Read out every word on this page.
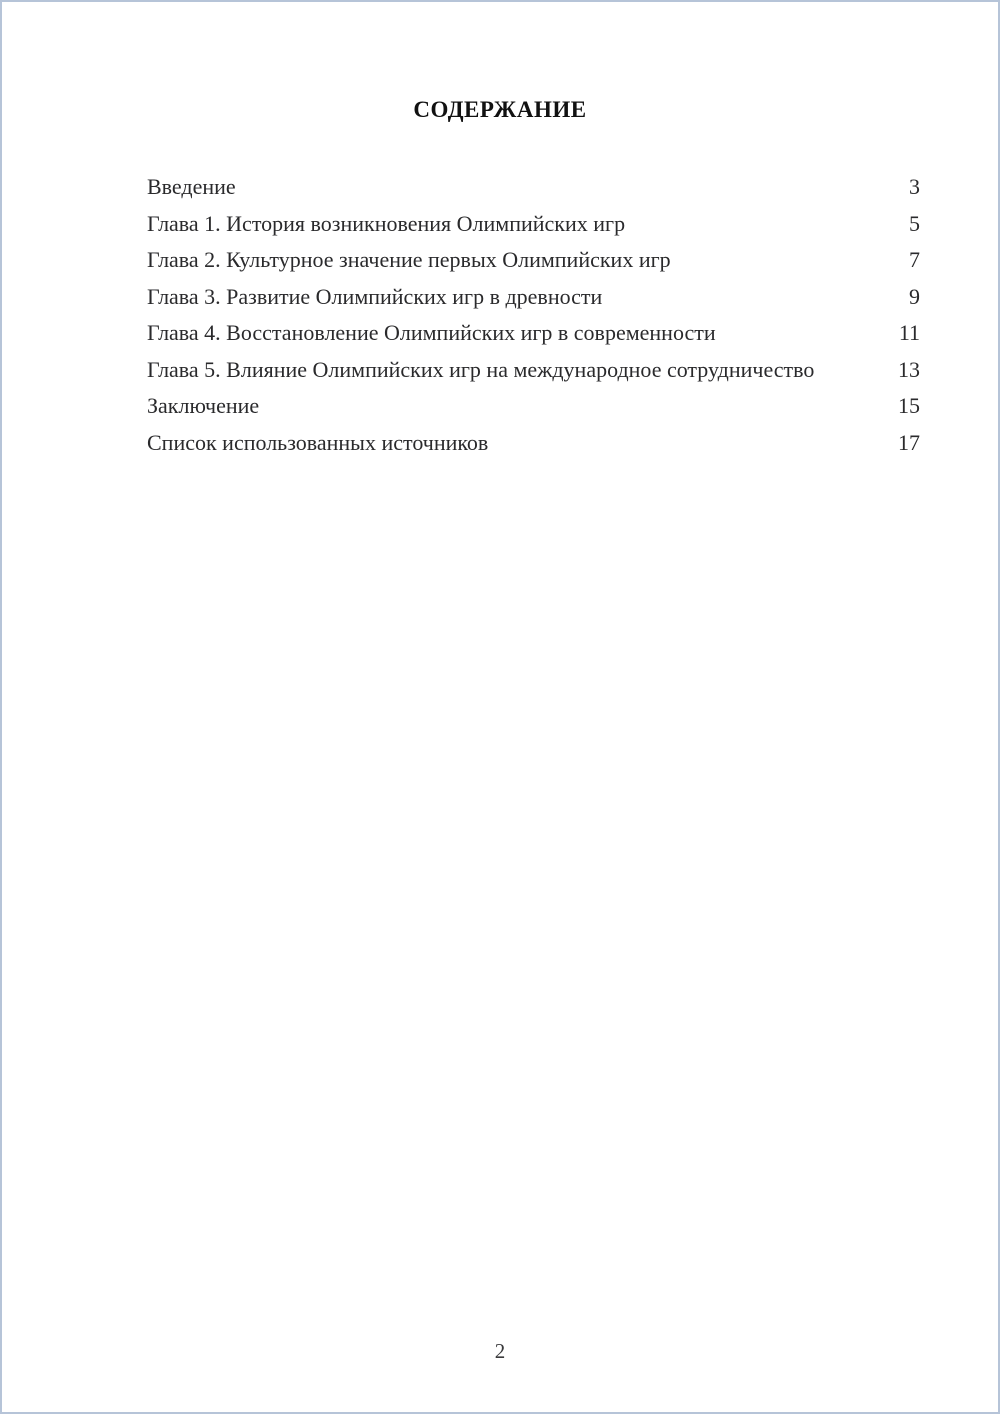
СОДЕРЖАНИЕ
Введение	3
Глава 1. История возникновения Олимпийских игр	5
Глава 2. Культурное значение первых Олимпийских игр	7
Глава 3. Развитие Олимпийских игр в древности	9
Глава 4. Восстановление Олимпийских игр в современности	11
Глава 5. Влияние Олимпийских игр на международное сотрудничество	13
Заключение	15
Список использованных источников	17
2
